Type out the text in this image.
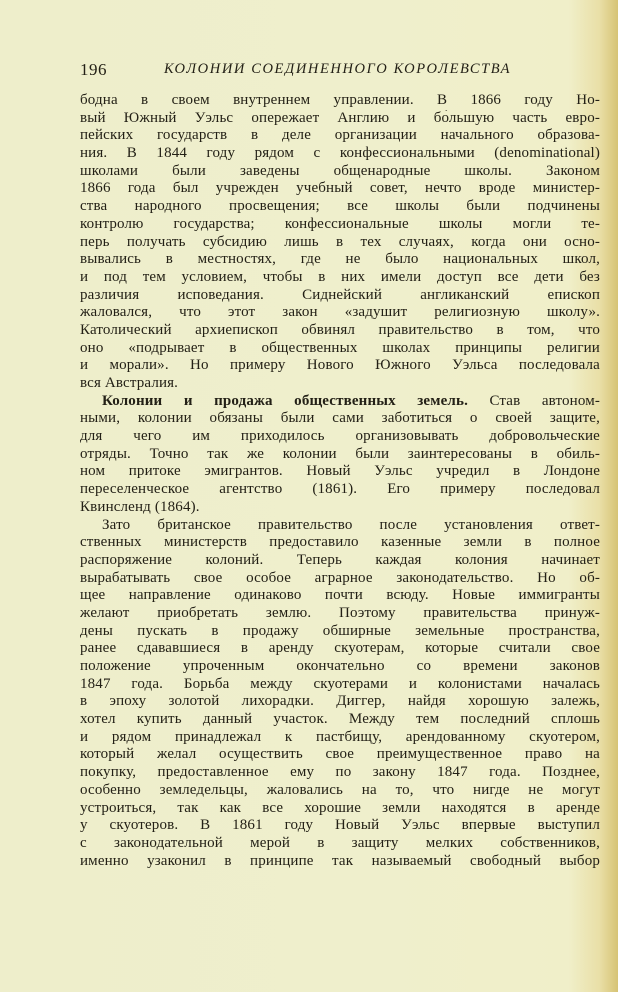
196	КОЛОНИИ СОЕДИНЕННОГО КОРОЛЕВСТВА
бодна в своем внутреннем управлении. В 1866 году Но-
вый Южный Уэльс опережает Англию и бо́льшую часть евро-
пейских государств в деле организации начального образова-
ния. В 1844 году рядом с конфессиональными (denominational)
школами были заведены общенародные школы. Законом
1866 года был учрежден учебный совет, нечто вроде министер-
ства народного просвещения; все школы были подчинены
контролю государства; конфессиональные школы могли те-
перь получать субсидию лишь в тех случаях, когда они осно-
вывались в местностях, где не было национальных школ,
и под тем условием, чтобы в них имели доступ все дети без
различия исповедания. Сиднейский англиканский епископ
жаловался, что этот закон «задушит религиозную школу».
Католический архиепископ обвинял правительство в том, что
оно «подрывает в общественных школах принципы религии
и морали». Но примеру Нового Южного Уэльса последовала
вся Австралия.
Колонии и продажа общественных земель. Став автоном-
ными, колонии обязаны были сами заботиться о своей защите,
для чего им приходилось организовывать добровольческие
отряды. Точно так же колонии были заинтересованы в обиль-
ном притоке эмигрантов. Новый Уэльс учредил в Лондоне
переселенческое агентство (1861). Его примеру последовал
Квинсленд (1864).
Зато британское правительство после установления ответ-
ственных министерств предоставило казенные земли в полное
распоряжение колоний. Теперь каждая колония начинает
вырабатывать свое особое аграрное законодательство. Но об-
щее направление одинаково почти всюду. Новые иммигранты
желают приобретать землю. Поэтому правительства принуж-
дены пускать в продажу обширные земельные пространства,
ранее сдававшиеся в аренду скуотерам, которые считали свое
положение упроченным окончательно со времени законов
1847 года. Борьба между скуотерами и колонистами началась
в эпоху золотой лихорадки. Диггер, найдя хорошую залежь,
хотел купить данный участок. Между тем последний сплошь
и рядом принадлежал к пастбищу, арендованному скуотером,
который желал осуществить свое преимущественное право на
покупку, предоставленное ему по закону 1847 года. Позднее,
особенно земледельцы, жаловались на то, что нигде не могут
устроиться, так как все хорошие земли находятся в аренде
у скуотеров. В 1861 году Новый Уэльс впервые выступил
с законодательной мерой в защиту мелких собственников,
именно узаконил в принципе так называемый свободный выбор
